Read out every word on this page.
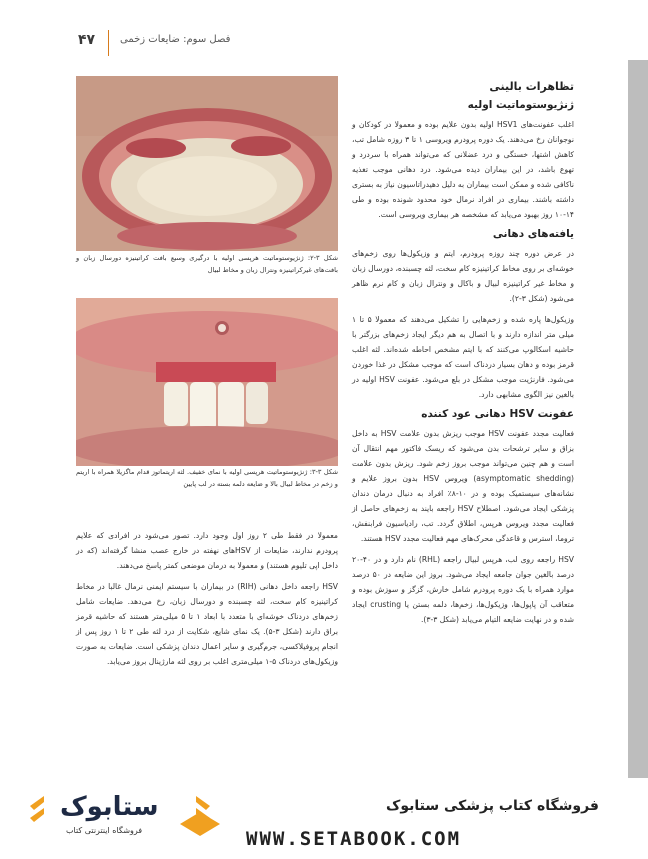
۴۷ فصل سوم: ضایعات زخمی
تظاهرات بالینی
ژنژیوستوماتیت اولیه

اغلب عفونت‌های HSV1 اولیه بدون علایم بوده و معمولا در کودکان و نوجوانان رخ می‌دهند. یک دوره پرودرم ویروسی ۱ تا ۳ روزه شامل تب، کاهش اشتها، خستگی و درد عضلانی که می‌تواند همراه با سردرد و تهوع باشد، در این بیماران دیده می‌شود. درد دهانی موجب تغذیه ناکافی شده و ممکن است بیماران به دلیل دهیدراتاسیون نیاز به بستری داشته باشند. بیماری در افراد نرمال خود محدود شونده بوده و طی ۱۴-۱۰ روز بهبود می‌یابد که مشخصه هر بیماری ویروسی است.

یافته‌های دهانی

در عرض دوره چند روزه پرودرم، ایتم و وزیکول‌ها روی زخم‌های خوشه‌ای بر روی مخاط کراتینیزه کام سخت، لثه چسبنده، دورسال زبان و مخاط غیر کراتینیزه لبیال و باکال و ونترال زبان و کام نرم ظاهر می‌شود (شکل ۳-۲).

وزیکول‌ها پاره شده و زخم‌هایی را تشکیل می‌دهند که معمولا ۵ تا ۱ میلی متر اندازه دارند و با اتصال به هم دیگر ایجاد زخم‌های بزرگتر با حاشیه اسکالوپ می‌کنند که با ایتم مشخص احاطه شده‌اند. لثه اغلب قرمز بوده و دهان بسیار دردناک است که موجب مشکل در غذا خوردن می‌شود. فارنژیت موجب مشکل در بلع می‌شود. عفونت HSV اولیه در بالغین نیز الگوی مشابهی دارد.

عفونت HSV دهانی عود کننده

فعالیت مجدد عفونت HSV موجب ریزش بدون علامت HSV به داخل بزاق و سایر ترشحات بدن می‌شود که ریسک فاکتور مهم انتقال آن است و هم چنین می‌تواند موجب بروز زخم شود. ریزش بدون علامت (asymptomatic shedding) ویروس HSV بدون بروز علایم و نشانه‌های سیستمیک بوده و در ۱۰-۸٪ افراد به دنبال درمان دندان پزشکی ایجاد می‌شود. اصطلاح HSV راجعه بایند به زخم‌های حاصل از فعالیت مجدد ویروس هرپس، اطلاق گردد. تب، رادیاسیون فرابنفش، تروما، استرس و قاعدگی محرک‌های مهم فعالیت مجدد HSV هستند.

HSV راجعه روی لب، هرپس لبیال راجعه (RHL) نام دارد و در ۴۰-۲۰ درصد بالغین جوان جامعه ایجاد می‌شود. بروز این ضایعه در ۵۰ درصد موارد همراه با یک دوره پرودرم شامل خارش، گزگز و سوزش بوده و متعاقب آن پاپول‌ها، وزیکول‌ها، زخم‌ها، دلمه بستن یا crusting ایجاد شده و در نهایت ضایعه التیام می‌یابد (شکل ۳-۳).

شکل ۳-۲: ژنژیوستوماتیت هرپسی اولیه با درگیری وسیع بافت کراتینیزه دورسال زبان و بافت‌های غیرکراتینیزه ونترال زبان و مخاط لبیال
شکل ۳-۳: ژنژیوستوماتیت هرپسی اولیه با نمای خفیف. لثه اریتماتوز قدام ماگزیلا همراه با اریتم و زخم در مخاط لبیال بالا و ضایعه دلمه بسته در لب پایین

معمولا در فقط طی ۲ روز اول وجود دارد. تصور می‌شود در افرادی که علایم پرودرم ندارند، ضایعات از HSVهای نهفته در خارج عصب منشا گرفته‌اند (که در داخل اپی تلیوم هستند) و معمولا به درمان موضعی کمتر پاسخ می‌دهند.

HSV راجعه داخل دهانی (RIH) در بیماران با سیستم ایمنی نرمال غالبا در مخاط کراتینیزه کام سخت، لثه چسبنده و دورسال زبان، رخ می‌دهد. ضایعات شامل زخم‌های دردناک خوشه‌ای با متعدد با ابعاد ۱ تا ۵ میلی‌متر هستند که حاشیه قرمز براق دارند (شکل ۳-۵). یک نمای شایع، شکایت از درد لثه طی ۲ تا ۱ روز پس از انجام پروفیلاکسی، جرم‌گیری و سایر اعمال دندان پزشکی است. ضایعات به صورت وزیکول‌های دردناک ۵-۱ میلی‌متری اغلب بر روی لثه مارژینال بروز می‌یابد.

ستابوک
فروشگاه اینترنتی کتاب
فروشگاه کتاب پزشکی ستابوک
WWW.SETABOOK.COM
